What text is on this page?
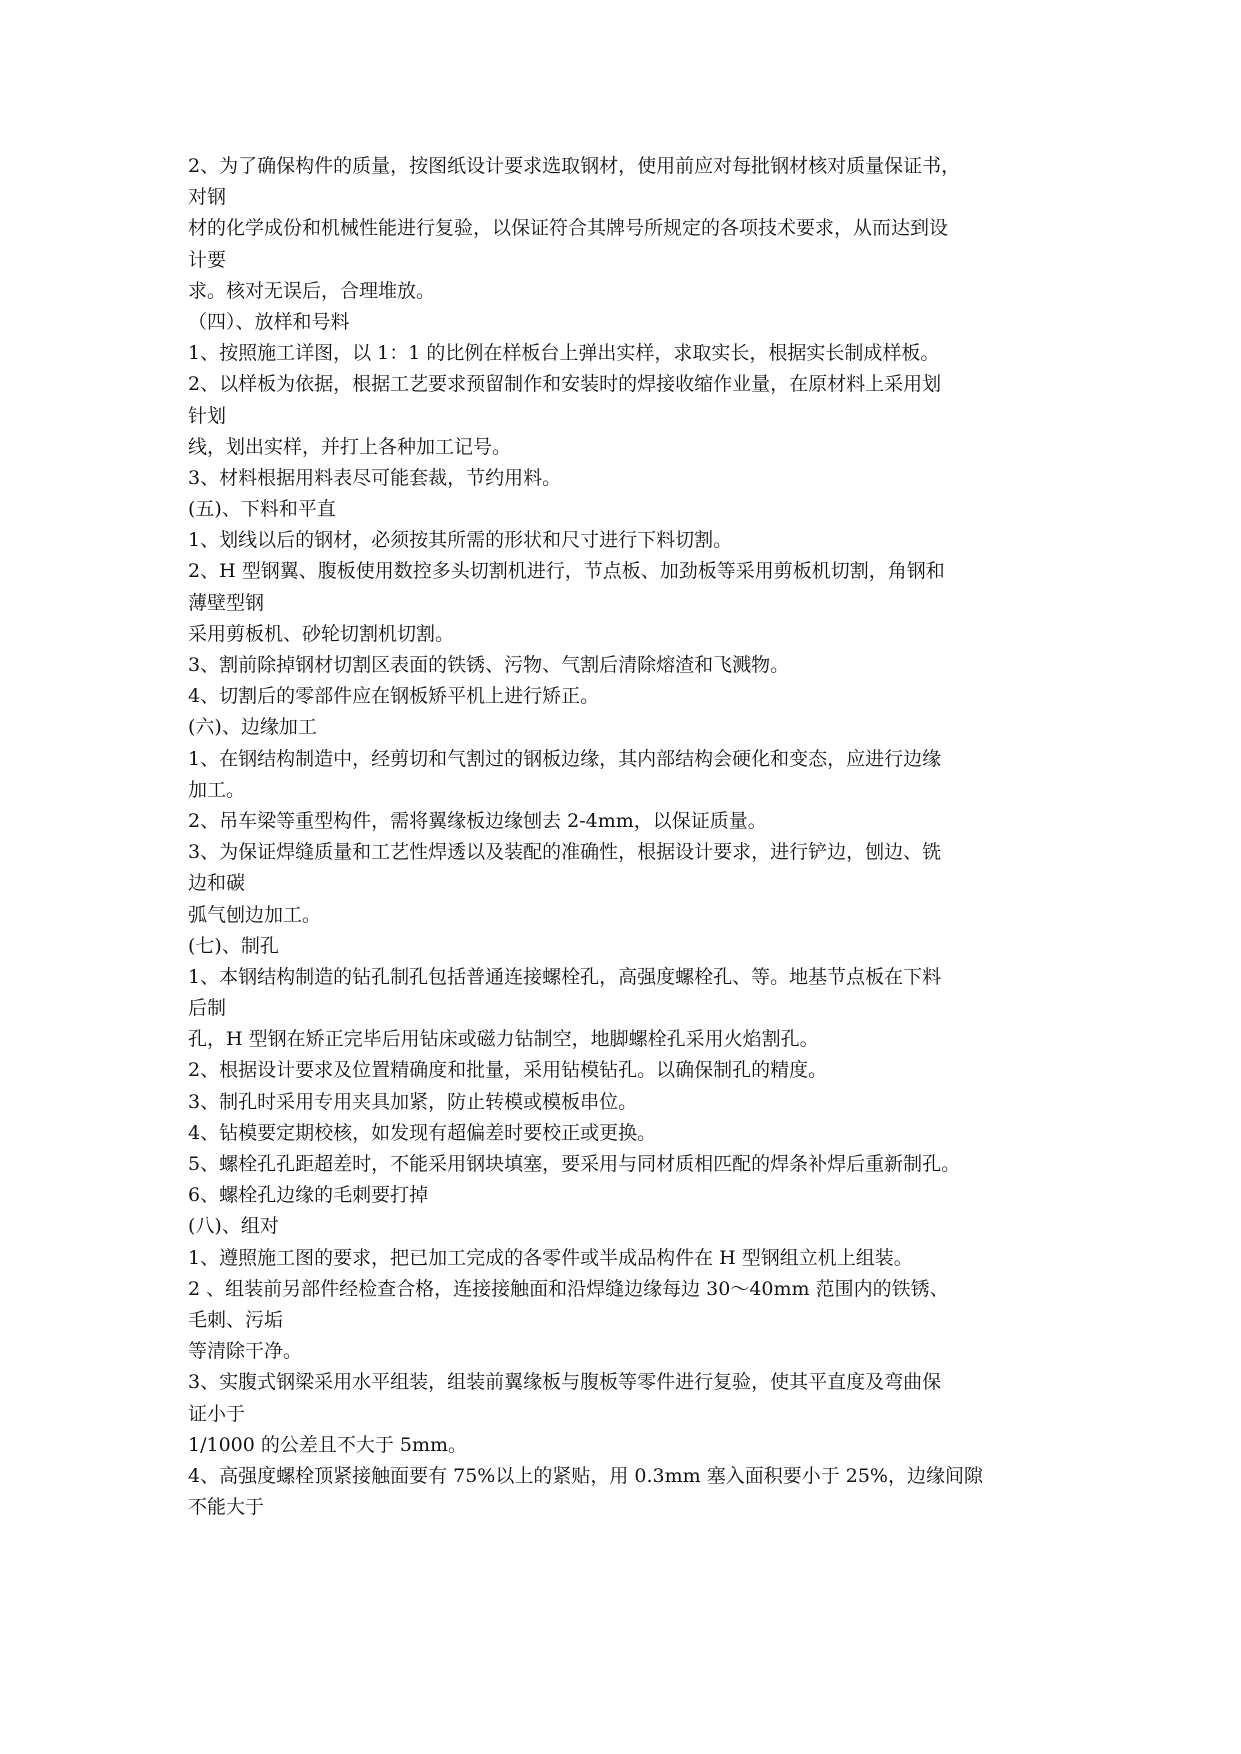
2、为了确保构件的质量，按图纸设计要求选取钢材，使用前应对每批钢材核对质量保证书，
对钢
材的化学成份和机械性能进行复验，以保证符合其牌号所规定的各项技术要求，从而达到设
计要
求。核对无误后，合理堆放。
（四）、放样和号料
1、按照施工详图，以 1：1 的比例在样板台上弹出实样，求取实长，根据实长制成样板。
2、以样板为依据，根据工艺要求预留制作和安装时的焊接收缩作业量，在原材料上采用划
针划
线，划出实样，并打上各种加工记号。
3、材料根据用料表尽可能套裁，节约用料。
(五)、下料和平直
1、划线以后的钢材，必须按其所需的形状和尺寸进行下料切割。
2、H 型钢翼、腹板使用数控多头切割机进行，节点板、加劲板等采用剪板机切割，角钢和
薄壁型钢
采用剪板机、砂轮切割机切割。
3、割前除掉钢材切割区表面的铁锈、污物、气割后清除熔渣和飞溅物。
4、切割后的零部件应在钢板矫平机上进行矫正。
(六)、边缘加工
1、在钢结构制造中，经剪切和气割过的钢板边缘，其内部结构会硬化和变态，应进行边缘
加工。
2、吊车梁等重型构件，需将翼缘板边缘刨去 2-4mm，以保证质量。
3、为保证焊缝质量和工艺性焊透以及装配的准确性，根据设计要求，进行铲边，刨边、铣
边和碳
弧气刨边加工。
(七)、制孔
1、本钢结构制造的钻孔制孔包括普通连接螺栓孔，高强度螺栓孔、等。地基节点板在下料
后制
孔，H 型钢在矫正完毕后用钻床或磁力钻制空，地脚螺栓孔采用火焰割孔。
2、根据设计要求及位置精确度和批量，采用钻模钻孔。以确保制孔的精度。
3、制孔时采用专用夹具加紧，防止转模或模板串位。
4、钻模要定期校核，如发现有超偏差时要校正或更换。
5、螺栓孔孔距超差时，不能采用钢块填塞，要采用与同材质相匹配的焊条补焊后重新制孔。
6、螺栓孔边缘的毛刺要打掉
(八)、组对
1、遵照施工图的要求，把已加工完成的各零件或半成品构件在 H 型钢组立机上组装。
2 、组装前另部件经检查合格，连接接触面和沿焊缝边缘每边 30～40mm 范围内的铁锈、
毛刺、污垢
等清除干净。
3、实腹式钢梁采用水平组装，组装前翼缘板与腹板等零件进行复验，使其平直度及弯曲保
证小于
1/1000 的公差且不大于 5mm。
4、高强度螺栓顶紧接触面要有 75%以上的紧贴，用 0.3mm 塞入面积要小于 25%，边缘间隙
不能大于
